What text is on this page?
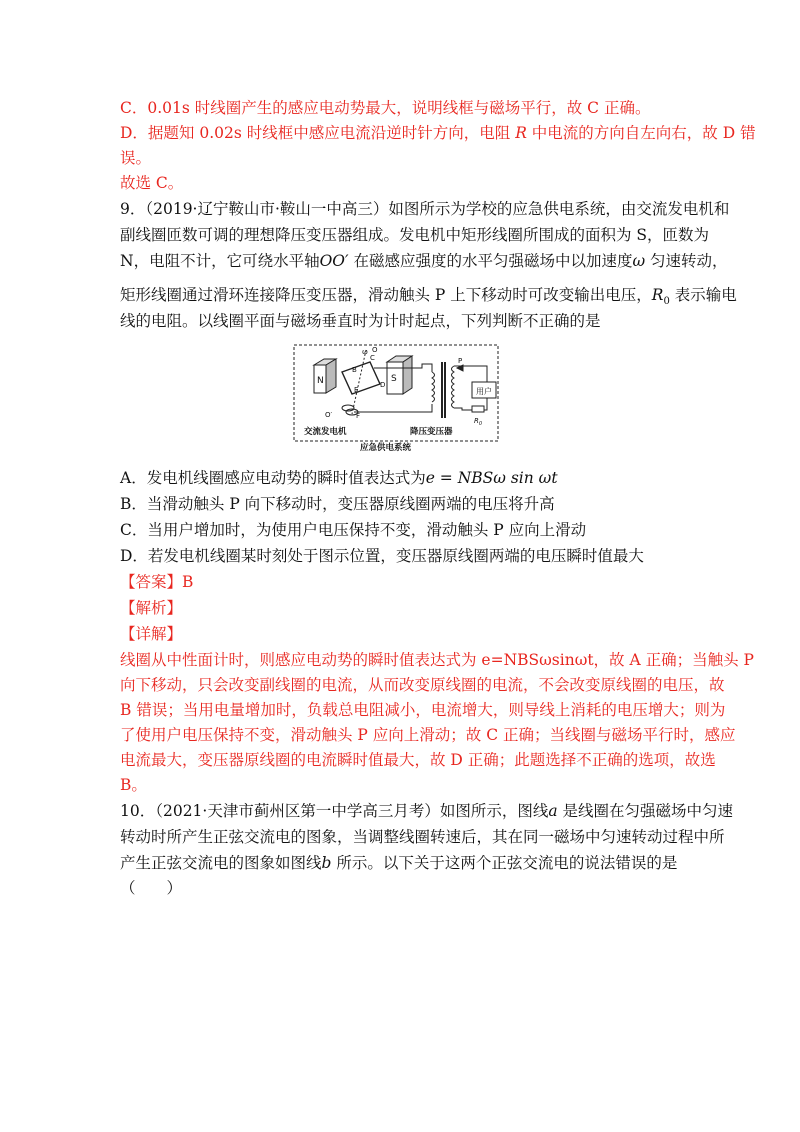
C．0.01s 时线圈产生的感应电动势最大，说明线框与磁场平行，故 C 正确。
D．据题知 0.02s 时线框中感应电流沿逆时针方向，电阻 R 中电流的方向自左向右，故 D 错
误。
故选 C。
9．（2019·辽宁鞍山市·鞍山一中高三）如图所示为学校的应急供电系统，由交流发电机和
副线圈匝数可调的理想降压变压器组成。发电机中矩形线圈所围成的面积为 S，匝数为
N，电阻不计，它可绕水平轴OO′ 在磁感应强度的水平匀强磁场中以加速度ω 匀速转动，
矩形线圈通过滑环连接降压变压器，滑动触头 P 上下移动时可改变输出电压，$R_0$ 表示输电
线的电阻。以线圈平面与磁场垂直时为计时起点，下列判断不正确的是
N	S
B
C
D
E
F
O
ω
O′
P
用户
$R_0$
交流发电机	降压变压器
应急供电系统
A．发电机线圈感应电动势的瞬时值表达式为e = NBSω sin ωt
B．当滑动触头 P 向下移动时，变压器原线圈两端的电压将升高
C．当用户增加时，为使用户电压保持不变，滑动触头 P 应向上滑动
D．若发电机线圈某时刻处于图示位置，变压器原线圈两端的电压瞬时值最大
【答案】B
【解析】
【详解】
线圈从中性面计时，则感应电动势的瞬时值表达式为 e=NBSωsinωt，故 A 正确；当触头 P
向下移动，只会改变副线圈的电流，从而改变原线圈的电流，不会改变原线圈的电压，故
B 错误；当用电量增加时，负载总电阻减小，电流增大，则导线上消耗的电压增大；则为
了使用户电压保持不变，滑动触头 P 应向上滑动；故 C 正确；当线圈与磁场平行时，感应
电流最大，变压器原线圈的电流瞬时值最大，故 D 正确；此题选择不正确的选项，故选
B。
10．（2021·天津市蓟州区第一中学高三月考）如图所示，图线a 是线圈在匀强磁场中匀速
转动时所产生正弦交流电的图象，当调整线圈转速后，其在同一磁场中匀速转动过程中所
产生正弦交流电的图象如图线b 所示。以下关于这两个正弦交流电的说法错误的是
（　　）
